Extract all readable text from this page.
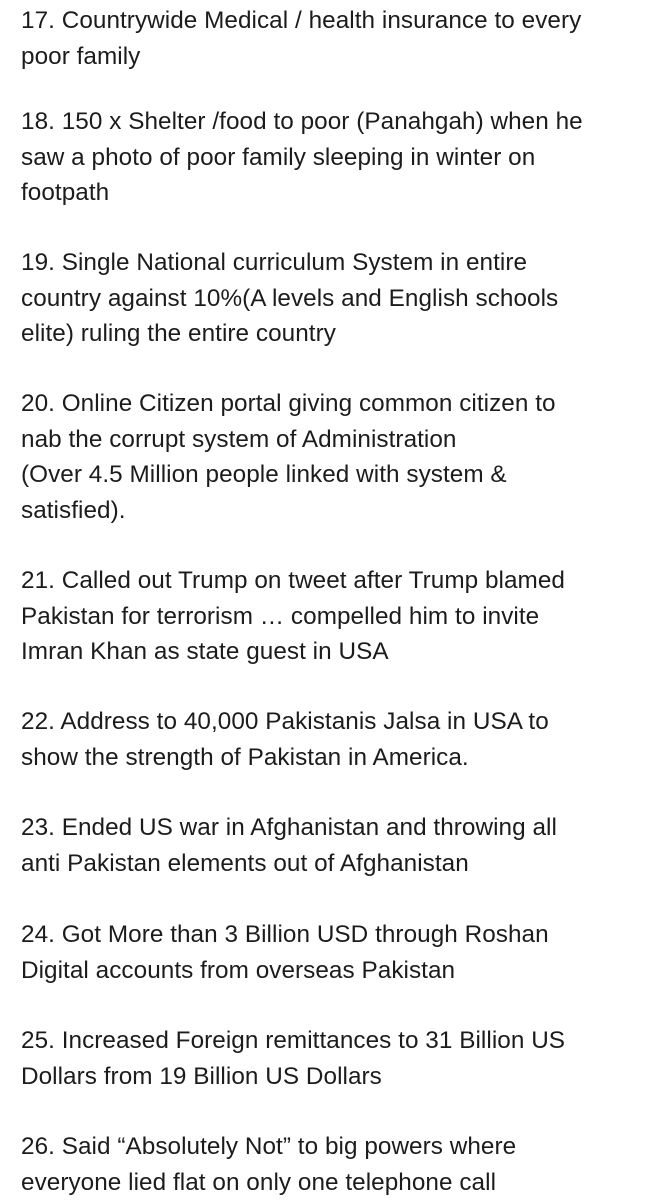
17. Countrywide Medical / health insurance to every
poor family
18. 150 x Shelter /food to poor (Panahgah) when he
saw a photo of poor family sleeping in winter on
footpath
19. Single National curriculum System in entire
country against 10%(A levels and English schools
elite) ruling the entire country
20. Online Citizen portal giving common citizen to
nab the corrupt system of Administration
(Over 4.5 Million people linked with system &
satisfied).
21. Called out Trump on tweet after Trump blamed
Pakistan for terrorism … compelled him to invite
Imran Khan as state guest in USA
22. Address to 40,000 Pakistanis Jalsa in USA to
show the strength of Pakistan in America.
23. Ended US war in Afghanistan and throwing all
anti Pakistan elements out of Afghanistan
24. Got More than 3 Billion USD through Roshan
Digital accounts from overseas Pakistan
25. Increased Foreign remittances to 31 Billion US
Dollars from 19 Billion US Dollars
26. Said “Absolutely Not” to big powers where
everyone lied flat on only one telephone call
